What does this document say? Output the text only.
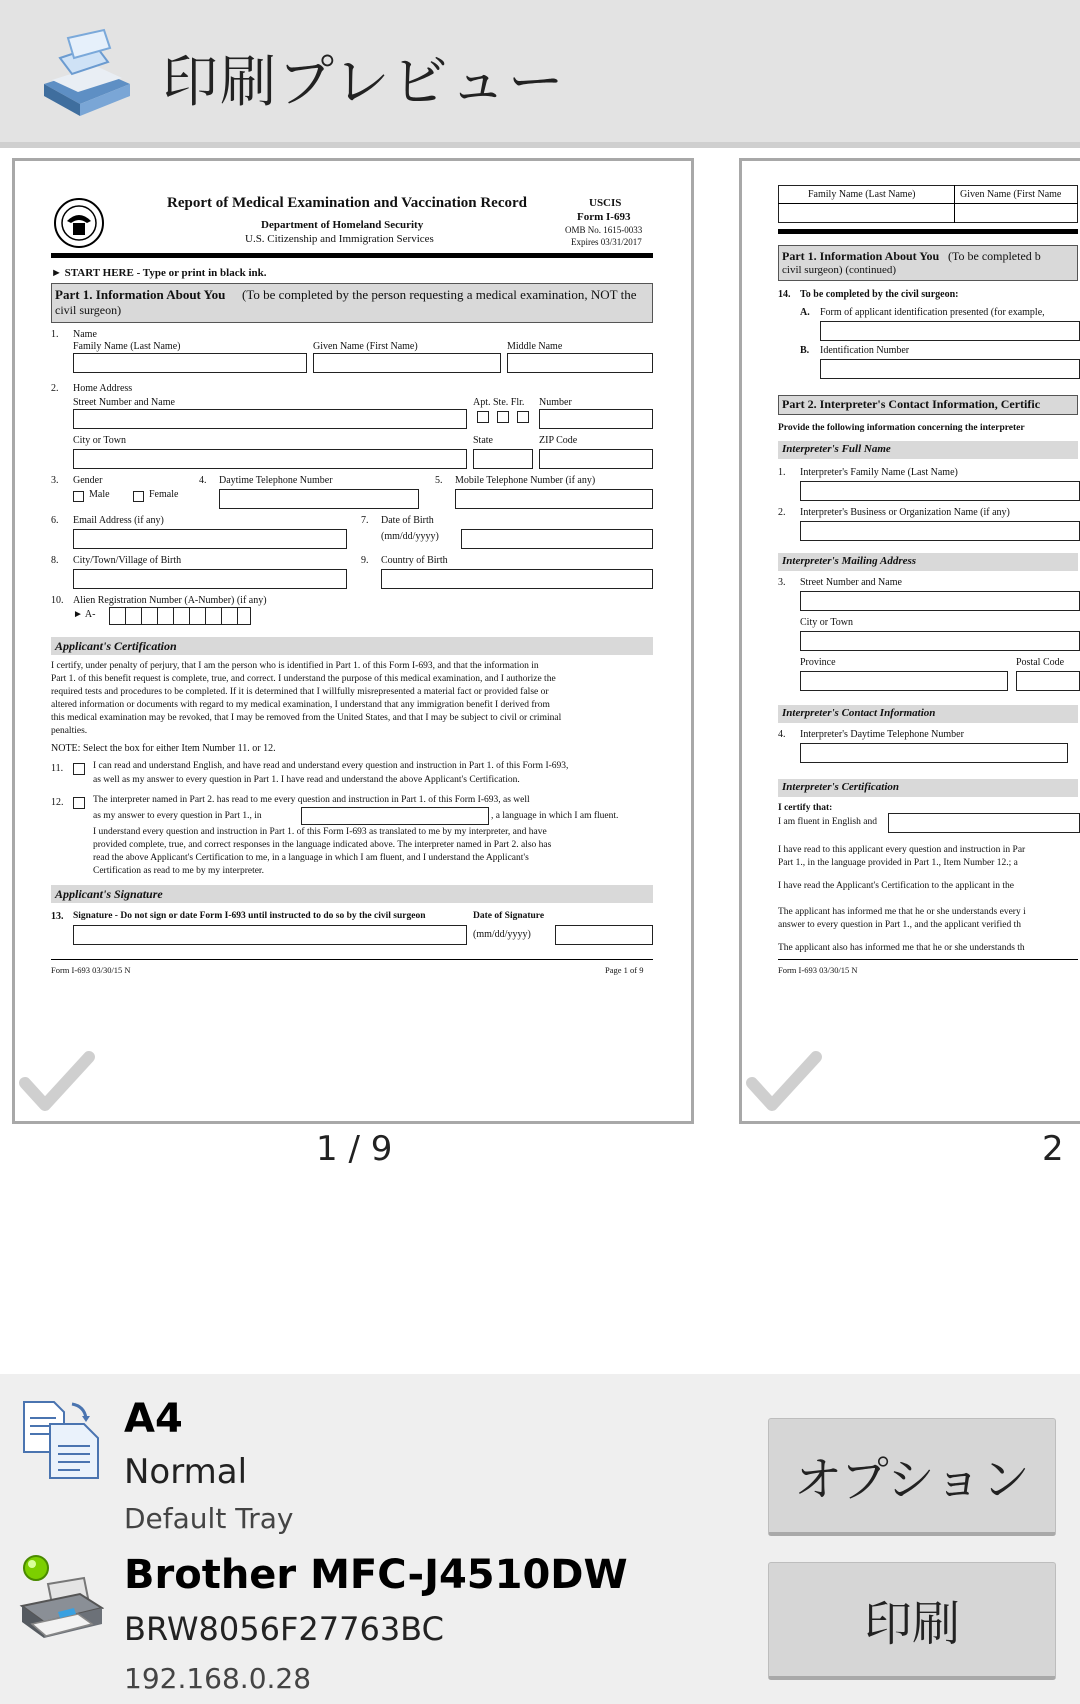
印刷プレビュー
Report of Medical Examination and Vaccination Record
Department of Homeland Security
U.S. Citizenship and Immigration Services
USCIS
Form I-693
OMB No. 1615-0033
Expires 03/31/2017
► START HERE - Type or print in black ink.
Part 1. Information About You (To be completed by the person requesting a medical examination, NOT the
civil surgeon)
1. Name
Family Name (Last Name)	Given Name (First Name)	Middle Name
2. Home Address
Street Number and Name	Apt. Ste. Flr. Number
City or Town	State	ZIP Code
3. Gender
Male	Female
4. Daytime Telephone Number	5. Mobile Telephone Number (if any)
6. Email Address (if any)	7. Date of Birth
(mm/dd/yyyy)
8. City/Town/Village of Birth	9. Country of Birth
10. Alien Registration Number (A-Number) (if any)
► A-
Applicant's Certification
I certify, under penalty of perjury, that I am the person who is identified in Part 1. of this Form I-693, and that the information in
Part 1. of this benefit request is complete, true, and correct. I understand the purpose of this medical examination, and I authorize the
required tests and procedures to be completed. If it is determined that I willfully misrepresented a material fact or provided false or
altered information or documents with regard to my medical examination, I understand that any immigration benefit I derived from
this medical examination may be revoked, that I may be removed from the United States, and that I may be subject to civil or criminal
penalties.
NOTE: Select the box for either Item Number 11. or 12.
11.	I can read and understand English, and have read and understand every question and instruction in Part 1. of this Form I-693,
as well as my answer to every question in Part 1. I have read and understand the above Applicant's Certification.
12.	The interpreter named in Part 2. has read to me every question and instruction in Part 1. of this Form I-693, as well
as my answer to every question in Part 1., in	, a language in which I am fluent.
I understand every question and instruction in Part 1. of this Form I-693 as translated to me by my interpreter, and have
provided complete, true, and correct responses in the language indicated above. The interpreter named in Part 2. also has
read the above Applicant's Certification to me, in a language in which I am fluent, and I understand the Applicant's
Certification as read to me by my interpreter.
Applicant's Signature
13. Signature - Do not sign or date Form I-693 until instructed to do so by the civil surgeon	Date of Signature
(mm/dd/yyyy)
Form I-693 03/30/15 N	Page 1 of 9
1 / 9
Family Name (Last Name)	Given Name (First Name
Part 1. Information About You (To be completed b
civil surgeon) (continued)
14. To be completed by the civil surgeon:
A. Form of applicant identification presented (for example,
B. Identification Number
Part 2. Interpreter's Contact Information, Certific
Provide the following information concerning the interpreter
Interpreter's Full Name
1. Interpreter's Family Name (Last Name)
2. Interpreter's Business or Organization Name (if any)
Interpreter's Mailing Address
3. Street Number and Name
City or Town
Province	Postal Code
Interpreter's Contact Information
4. Interpreter's Daytime Telephone Number
Interpreter's Certification
I certify that:
I am fluent in English and
I have read to this applicant every question and instruction in Par
Part 1., in the language provided in Part 1., Item Number 12.; a
I have read the Applicant's Certification to the applicant in the
The applicant has informed me that he or she understands every i
answer to every question in Part 1., and the applicant verified th
The applicant also has informed me that he or she understands th
Form I-693 03/30/15 N
2
A4
Normal
Default Tray
Brother MFC-J4510DW
BRW8056F27763BC
192.168.0.28
オプション
印刷
